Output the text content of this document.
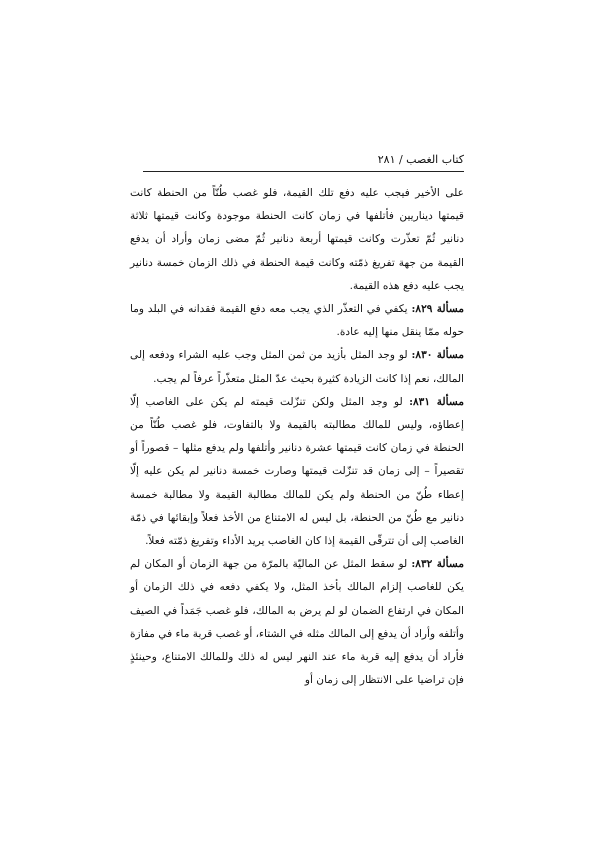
كتاب الغصب / ٢٨١

على الأخير فيجب عليه دفع تلك القيمة، فلو غصب طُنّاً من الحنطة كانت قيمتها ديناريين فأتلفها في زمان كانت الحنطة موجودة وكانت قيمتها ثلاثة دنانير ثُمّ تعذّرت وكانت قيمتها أربعة دنانير ثُمّ مضى زمان وأراد أن يدفع القيمة من جهة تفريغ ذمّته وكانت قيمة الحنطة في ذلك الزمان خمسة دنانير يجب عليه دفع هذه القيمة.

مسألة ٨٢٩: يكفي في التعذّر الذي يجب معه دفع القيمة فقدانه في البلد وما حوله ممّا ينقل منها إليه عادة.

مسألة ٨٣٠: لو وجد المثل بأزيد من ثمن المثل وجب عليه الشراء ودفعه إلى المالك، نعم إذا كانت الزيادة كثيرة بحيث عدّ المثل متعذّراً عرفاً لم يجب.

مسألة ٨٣١: لو وجد المثل ولكن تنزّلت قيمته لم يكن على الغاصب إلّا إعطاؤه، وليس للمالك مطالبته بالقيمة ولا بالتفاوت، فلو غصب طُنّاً من الحنطة في زمان كانت قيمتها عشرة دنانير وأتلفها ولم يدفع مثلها – قصوراً أو تقصيراً – إلى زمان قد تنزّلت قيمتها وصارت خمسة دنانير لم يكن عليه إلّا إعطاء طُنّ من الحنطة ولم يكن للمالك مطالبة القيمة ولا مطالبة خمسة دنانير مع طُنّ من الحنطة، بل ليس له الامتناع من الأخذ فعلاً وإبقائها في ذمّة الغاصب إلى أن تترقّى القيمة إذا كان الغاصب يريد الأداء وتفريغ ذمّته فعلاً.

مسألة ٨٣٢: لو سقط المثل عن الماليّة بالمرّة من جهة الزمان أو المكان لم يكن للغاصب إلزام المالك بأخذ المثل، ولا يكفي دفعه في ذلك الزمان أو المكان في ارتفاع الضمان لو لم يرض به المالك، فلو غصب جَمَداً في الصيف وأتلفه وأراد أن يدفع إلى المالك مثله في الشتاء، أو غصب قربة ماء في مفازة فأراد أن يدفع إليه قربة ماء عند النهر ليس له ذلك وللمالك الامتناع، وحينئذٍ فإن تراضيا على الانتظار إلى زمان أو
